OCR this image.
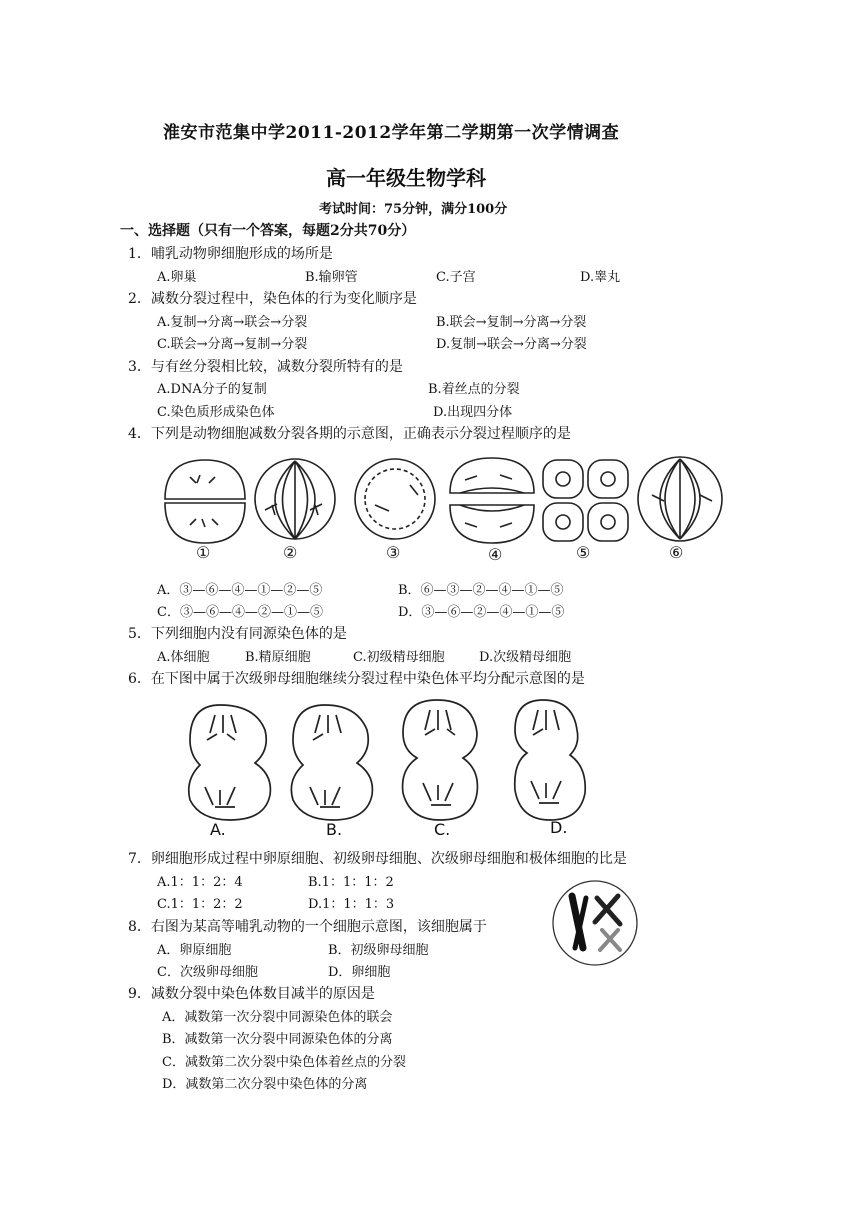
淮安市范集中学2011-2012学年第二学期第一次学情调查
高一年级生物学科
考试时间：75分钟，满分100分
一、选择题（只有一个答案，每题2分共70分）
1．哺乳动物卵细胞形成的场所是
A.卵巢	B.输卵管	C.子宫	D.睾丸
2．减数分裂过程中，染色体的行为变化顺序是
A.复制→分离→联会→分裂	B.联会→复制→分离→分裂
C.联会→分离→复制→分裂	D.复制→联会→分离→分裂
3．与有丝分裂相比较，减数分裂所特有的是
A.DNA分子的复制	B.着丝点的分裂
C.染色质形成染色体	D.出现四分体
4．下列是动物细胞减数分裂各期的示意图，正确表示分裂过程顺序的是
①	②	③	④	⑤	⑥
A．③—⑥—④—①—②—⑤	B．⑥—③—②—④—①—⑤
C．③—⑥—④—②—①—⑤	D．③—⑥—②—④—①—⑤
5．下列细胞内没有同源染色体的是
A.体细胞	B.精原细胞	C.初级精母细胞	D.次级精母细胞
6．在下图中属于次级卵母细胞继续分裂过程中染色体平均分配示意图的是
A.	B.	C.	D.
7．卵细胞形成过程中卵原细胞、初级卵母细胞、次级卵母细胞和极体细胞的比是
A.1：1：2：4	B.1：1：1：2
C.1：1：2：2	D.1：1：1：3
8．右图为某高等哺乳动物的一个细胞示意图，该细胞属于
A．卵原细胞	B．初级卵母细胞
C．次级卵母细胞	D．卵细胞
9．减数分裂中染色体数目减半的原因是
A．减数第一次分裂中同源染色体的联会
B．减数第一次分裂中同源染色体的分离
C．减数第二次分裂中染色体着丝点的分裂
D．减数第二次分裂中染色体的分离
